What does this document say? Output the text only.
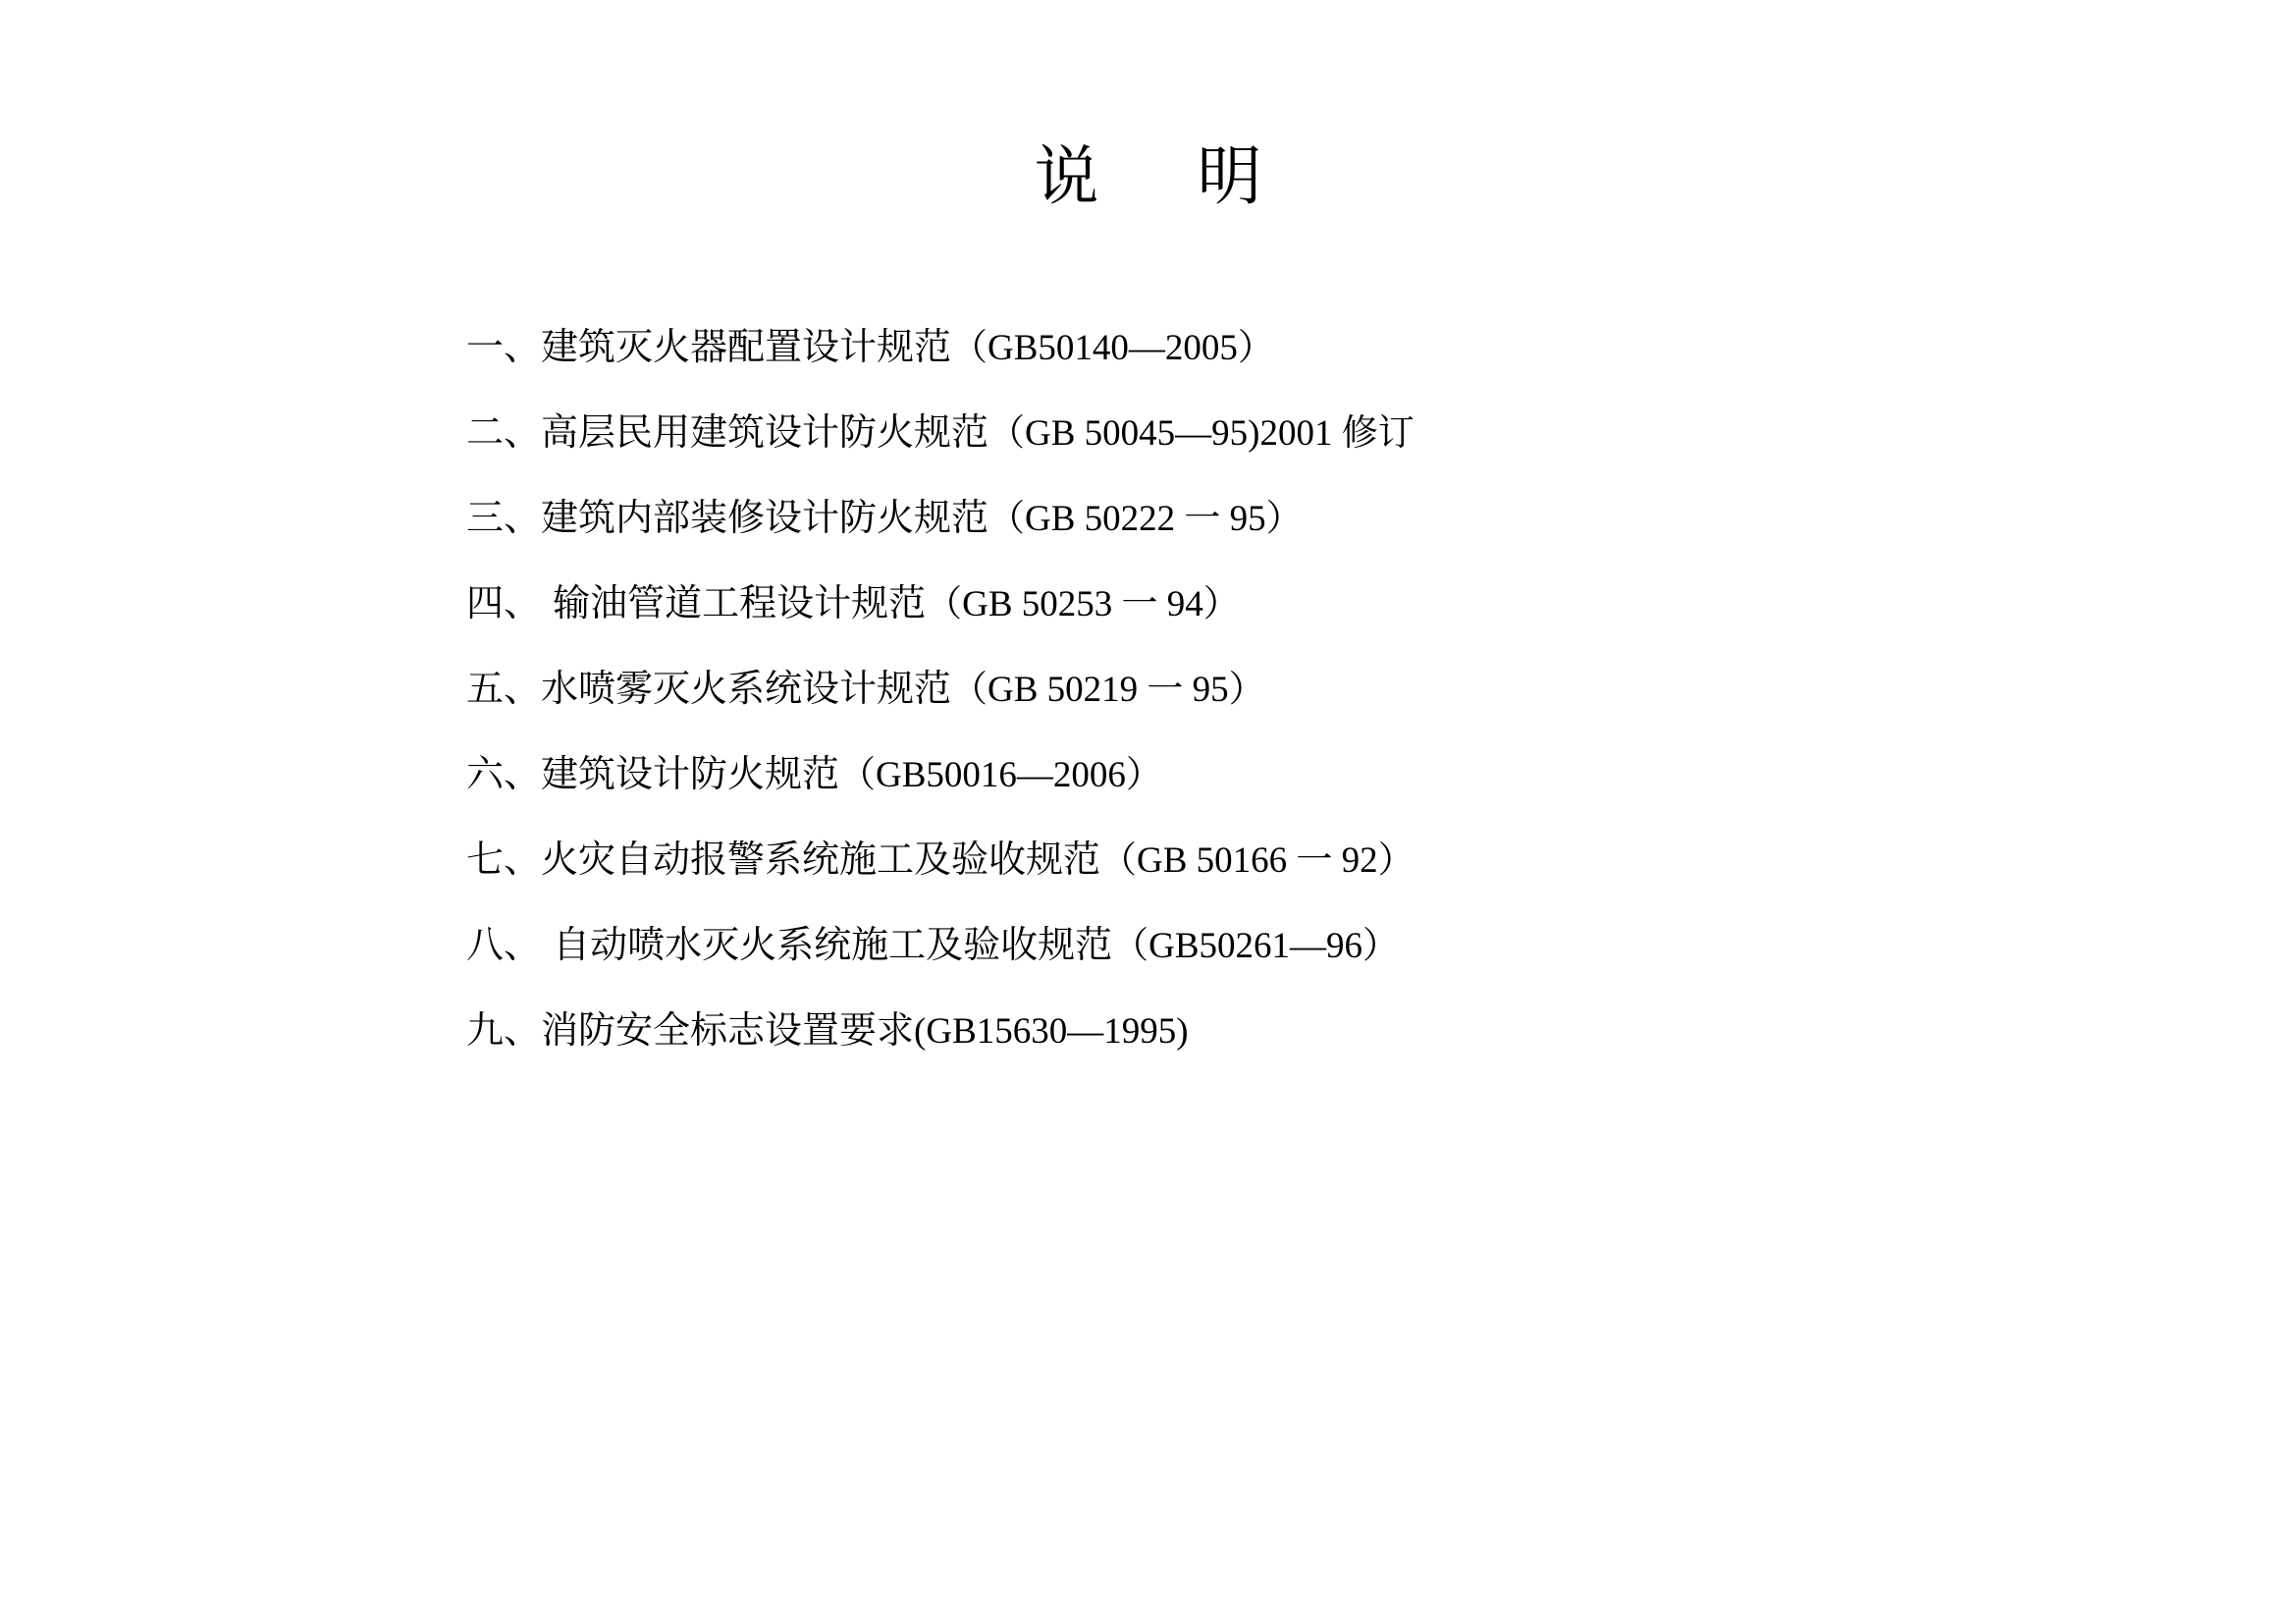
说 明
一、建筑灭火器配置设计规范（GB50140—2005）
二、高层民用建筑设计防火规范（GB 50045—95)2001 修订
三、建筑内部装修设计防火规范（GB 50222 一 95）
四、 输油管道工程设计规范（GB 50253 一 94）
五、水喷雾灭火系统设计规范（GB 50219 一 95）
六、建筑设计防火规范（GB50016—2006）
七、火灾自动报警系统施工及验收规范（GB 50166 一 92）
八、 自动喷水灭火系统施工及验收规范（GB50261—96）
九、消防安全标志设置要求(GB15630—1995)
